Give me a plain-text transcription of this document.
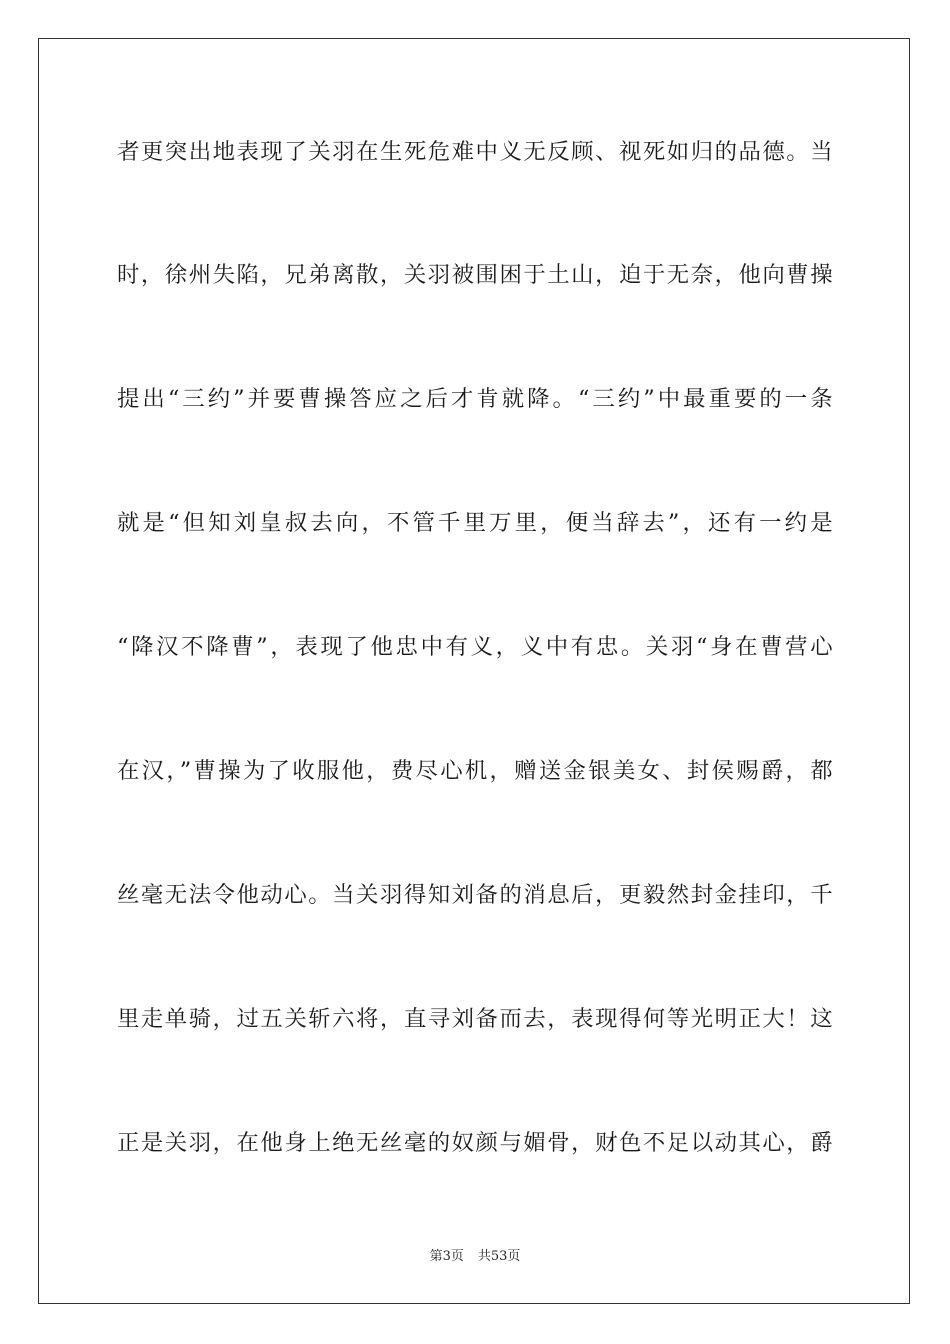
者更突出地表现了关羽在生死危难中义无反顾、视死如归的品德。当
时，徐州失陷，兄弟离散，关羽被围困于土山，迫于无奈，他向曹操
提出“三约”并要曹操答应之后才肯就降。“三约”中最重要的一条
就是“但知刘皇叔去向，不管千里万里，便当辞去”，还有一约是
“降汉不降曹”，表现了他忠中有义，义中有忠。关羽“身在曹营心
在汉，”曹操为了收服他，费尽心机，赠送金银美女、封侯赐爵，都
丝毫无法令他动心。当关羽得知刘备的消息后，更毅然封金挂印，千
里走单骑，过五关斩六将，直寻刘备而去，表现得何等光明正大！这
正是关羽，在他身上绝无丝毫的奴颜与媚骨，财色不足以动其心，爵
第3页 共53页
